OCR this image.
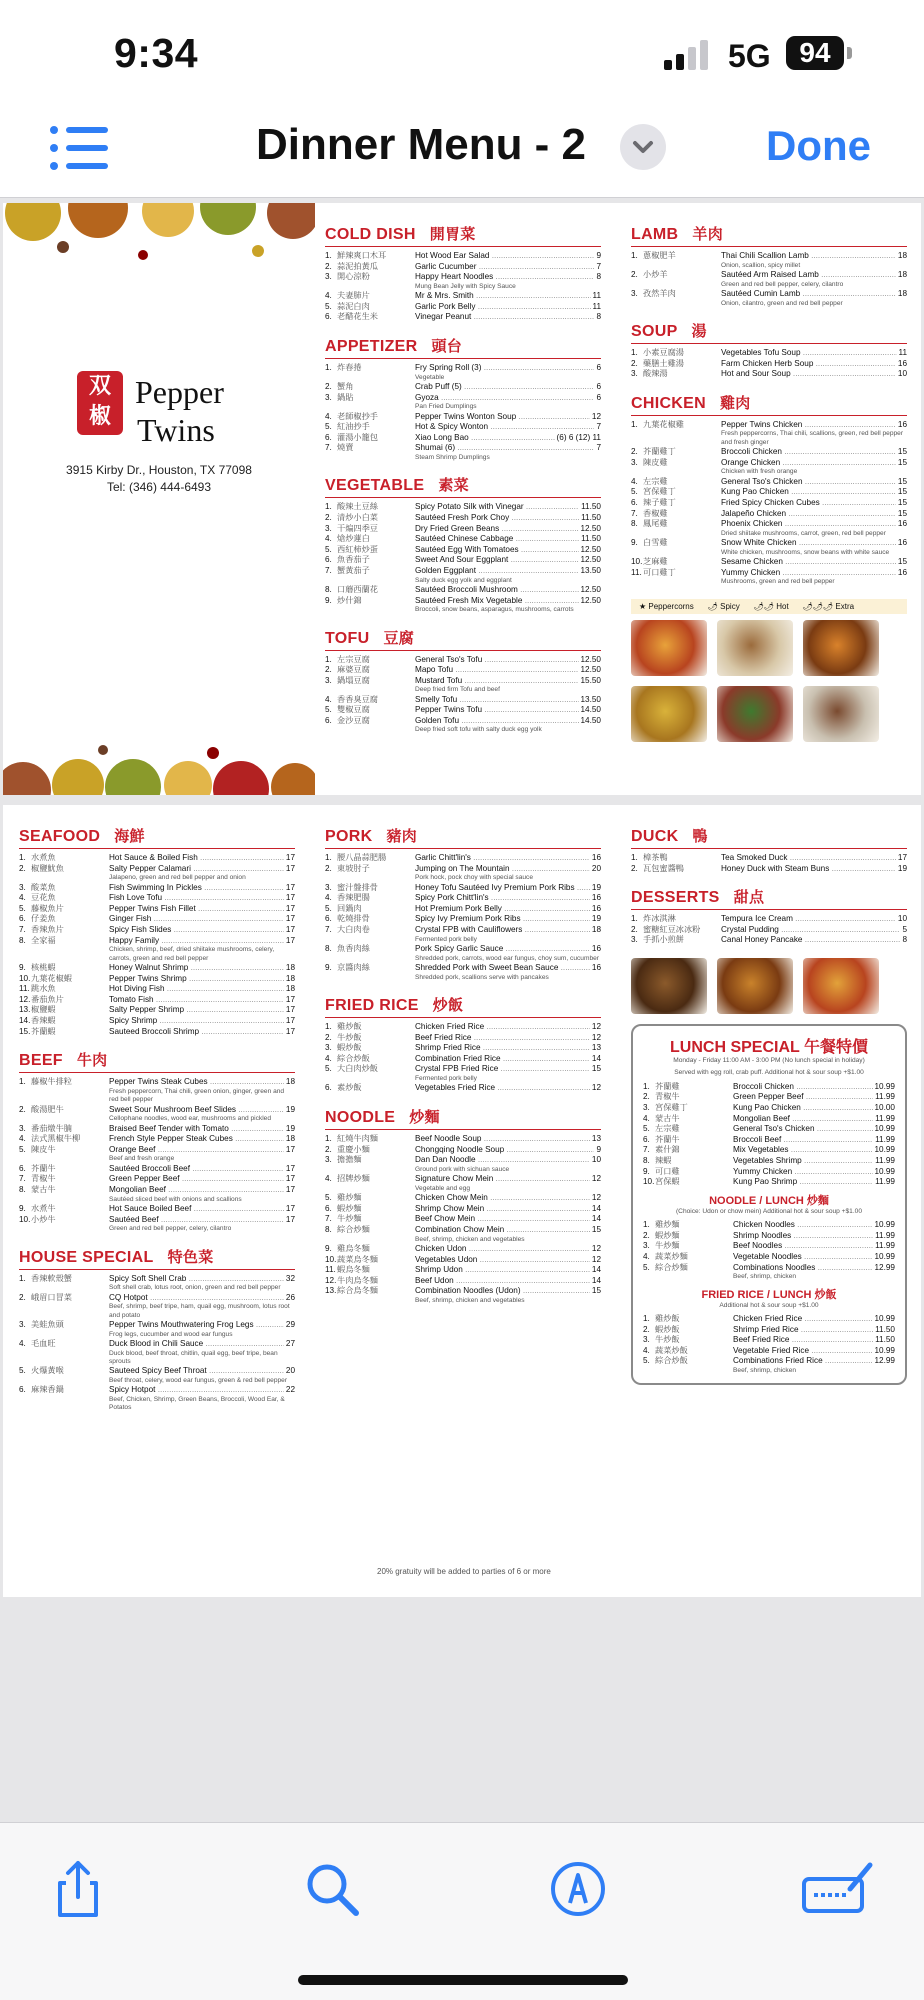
9:34	5G	94
Dinner Menu - 2	Done
双
椒
Pepper
Twins
3915 Kirby Dr., Houston, TX 77098
Tel: (346) 444-6493
COLD DISH 開胃菜
1. 鮮辣爽口木耳	Hot Wood Ear Salad .....	9
2. 蒜泥拍黃瓜	Garlic Cucumber .....	7
3. 開心涼粉	Happy Heart Noodles .....	8
Mung Bean Jelly with Spicy Sauce
4. 夫妻肺片	Mr & Mrs. Smith .....	11
5. 蒜泥白肉	Garlic Pork Belly .....	11
6. 老醋花生米	Vinegar Peanut .....	8
APPETIZER 頭台
1. 炸春捲	Fry Spring Roll (3) .....	6
Vegetable
2. 蟹角	Crab Puff (5) .....	6
3. 鍋貼	Gyoza .....	6
Pan Fried Dumplings
4. 老師椒抄手	Pepper Twins Wonton Soup .....	12
5. 紅油抄手	Hot & Spicy Wonton .....	7
6. 灌湯小籠包	Xiao Long Bao .....	(6) 6 (12) 11
7. 燒賣	Shumai (6) .....	7
Steam Shrimp Dumplings
VEGETABLE 素菜
1. 酸辣土豆絲	Spicy Potato Silk with Vinegar .....	11.50
2. 清炒小白菜	Sautéed Fresh Pork Choy .....	11.50
3. 干煸四季豆	Dry Fried Green Beans .....	12.50
4. 熗炒蓮白	Sautéed Chinese Cabbage .....	11.50
5. 西紅柿炒蛋	Sautéed Egg With Tomatoes .....	12.50
6. 魚香茄子	Sweet And Sour Eggplant .....	12.50
7. 蟹黃茄子	Golden Eggplant .....	13.50
Salty duck egg yolk and eggplant
8. 口蘑西蘭花	Sautéed Broccoli Mushroom .....	12.50
9. 炒什錦	Sautéed Fresh Mix Vegetable .....	12.50
Broccoli, snow beans, asparagus, mushrooms, carrots
TOFU 豆腐
1. 左宗豆腐	General Tso's Tofu .....	12.50
2. 麻婆豆腐	Mapo Tofu .....	12.50
3. 鍋塌豆腐	Mustard Tofu .....	15.50
Deep fried firm Tofu and beef
4. 香香臭豆腐	Smelly Tofu .....	13.50
5. 雙椒豆腐	Pepper Twins Tofu .....	14.50
6. 金沙豆腐	Golden Tofu .....	14.50
Deep fried soft tofu with salty duck egg yolk
LAMB 羊肉
1. 蔥椒肥羊	Thai Chili Scallion Lamb .....	18
Onion, scallion, spicy millet
2. 小炒羊	Sautéed Arm Raised Lamb .....	18
Green and red bell pepper, celery, cilantro
3. 孜然羊肉	Sautéed Cumin Lamb .....	18
Onion, cilantro, green and red bell pepper
SOUP 湯
1. 小素豆腐湯	Vegetables Tofu Soup .....	11
2. 藥膳土雞湯	Farm Chicken Herb Soup .....	16
3. 酸辣湯	Hot and Sour Soup .....	10
CHICKEN 雞肉
1. 九葉花椒雞	Pepper Twins Chicken .....	16
Fresh peppercorns, Thai chili, scallions, green, red bell pepper and fresh ginger
2. 芥蘭雞丁	Broccoli Chicken .....	15
3. 陳皮雞	Orange Chicken .....	15
Chicken with fresh orange
4. 左宗雞	General Tso's Chicken .....	15
5. 宮保雞丁	Kung Pao Chicken .....	15
6. 辣子雞丁	Fried Spicy Chicken Cubes .....	15
7. 香椒雞	Jalapeño Chicken .....	15
8. 鳳尾雞	Phoenix Chicken .....	16
Dried shiitake mushrooms, carrot, green, red bell pepper
9. 白雪雞	Snow White Chicken .....	16
White chicken, mushrooms, snow beans with white sauce
10. 芝麻雞	Sesame Chicken .....	15
11. 可口雞丁	Yummy Chicken .....	16
Mushrooms, green and red bell pepper
★ Peppercorns 🌶 Spicy 🌶🌶 Hot 🌶🌶🌶 Extra
SEAFOOD 海鮮
1. 水煮魚	Hot Sauce & Boiled Fish .....	17
2. 椒鹽魷魚	Salty Pepper Calamari .....	17
Jalapeno, green and red bell pepper and onion
3. 酸菜魚	Fish Swimming In Pickles .....	17
4. 豆花魚	Fish Love Tofu .....	17
5. 藤椒魚片	Pepper Twins Fish Fillet .....	17
6. 仔姜魚	Ginger Fish .....	17
7. 香辣魚片	Spicy Fish Slides .....	17
8. 全家福	Happy Family .....	17
Chicken, shrimp, beef, dried shiitake mushrooms, celery, carrots, green and red bell pepper
9. 核桃蝦	Honey Walnut Shrimp .....	18
10. 九葉花椒蝦	Pepper Twins Shrimp .....	18
11. 跳水魚	Hot Diving Fish .....	18
12. 番茄魚片	Tomato Fish .....	17
13. 椒鹽蝦	Salty Pepper Shrimp .....	17
14. 香辣蝦	Spicy Shrimp .....	17
15. 芥蘭蝦	Sauteed Broccoli Shrimp .....	17
BEEF 牛肉
1. 藤椒牛排粒	Pepper Twins Steak Cubes .....	18
Fresh peppercorn, Thai chili, green onion, ginger, green and red bell pepper
2. 酸湯肥牛	Sweet Sour Mushroom Beef Slides .....	19
Cellophane noodles, wood ear, mushrooms and pickled
3. 番茄燉牛腩	Braised Beef Tender with Tomato .....	19
4. 法式黑椒牛柳	French Style Pepper Steak Cubes .....	18
5. 陳皮牛	Orange Beef .....	17
Beef and fresh orange
6. 芥蘭牛	Sautéed Broccoli Beef .....	17
7. 青椒牛	Green Pepper Beef .....	17
8. 蒙古牛	Mongolian Beef .....	17
Sautéed sliced beef with onions and scallions
9. 水煮牛	Hot Sauce Boiled Beef .....	17
10. 小炒牛	Sautéed Beef .....	17
Green and red bell pepper, celery, cilantro
HOUSE SPECIAL 特色菜
1. 香辣軟殼蟹	Spicy Soft Shell Crab .....	32
Soft shell crab, lotus root, onion, green and red bell pepper
2. 峨眉口冒菜	CQ Hotpot .....	26
Beef, shrimp, beef tripe, ham, quail egg, mushroom, lotus root and potato
3. 美蛙魚頭	Pepper Twins Mouthwatering Frog Legs .....	29
Frog legs, cucumber and wood ear fungus
4. 毛血旺	Duck Blood in Chili Sauce .....	27
Duck blood, beef throat, chitlin, quail egg, beef tripe, bean sprouts
5. 火爆黃喉	Sauteed Spicy Beef Throat .....	20
Beef throat, celery, wood ear fungus, green & red bell pepper
6. 麻辣香鍋	Spicy Hotpot .....	22
Beef, Chicken, Shrimp, Green Beans, Broccoli, Wood Ear, & Potatos
PORK 豬肉
1. 腰八晶蒜肥腸	Garlic Chitt'lin's .....	16
2. 東坡肘子	Jumping on The Mountain .....	20
Pork hock, pock choy with special sauce
3. 蜜汁盤排骨	Honey Tofu Sautéed Ivy Premium Pork Ribs .....	19
4. 香辣肥腸	Spicy Pork Chitt'lin's .....	16
5. 回鍋肉	Hot Premium Pork Belly .....	16
6. 乾燒排骨	Spicy Ivy Premium Pork Ribs .....	19
7. 大白肉卷	Crystal FPB with Cauliflowers .....	18
Fermented pork belly
8. 魚香肉絲	Pork Spicy Garlic Sauce .....	16
Shredded pork, carrots, wood ear fungus, choy sum, cucumber
9. 京醬肉絲	Shredded Pork with Sweet Bean Sauce .....	16
Shredded pork, scallions serve with pancakes
FRIED RICE 炒飯
1. 雞炒飯	Chicken Fried Rice .....	12
2. 牛炒飯	Beef Fried Rice .....	12
3. 蝦炒飯	Shrimp Fried Rice .....	13
4. 綜合炒飯	Combination Fried Rice .....	14
5. 大白肉炒飯	Crystal FPB Fried Rice .....	15
Fermented pork belly
6. 素炒飯	Vegetables Fried Rice .....	12
NOODLE 炒麵
1. 紅燒牛肉麵	Beef Noodle Soup .....	13
2. 重慶小麵	Chongqing Noodle Soup .....	9
3. 擔擔麵	Dan Dan Noodle .....	10
Ground pork with sichuan sauce
4. 招牌炒麵	Signature Chow Mein .....	12
Vegetable and egg
5. 雞炒麵	Chicken Chow Mein .....	12
6. 蝦炒麵	Shrimp Chow Mein .....	14
7. 牛炒麵	Beef Chow Mein .....	14
8. 綜合炒麵	Combination Chow Mein .....	15
Beef, shrimp, chicken and vegetables
9. 雞烏冬麵	Chicken Udon .....	12
10. 蔬菜烏冬麵	Vegetables Udon .....	12
11. 蝦烏冬麵	Shrimp Udon .....	14
12. 牛肉烏冬麵	Beef Udon .....	14
13. 綜合烏冬麵	Combination Noodles (Udon) .....	15
Beef, shrimp, chicken and vegetables
DUCK 鴨
1. 樟茶鴨	Tea Smoked Duck .....	17
2. 瓦包蜜醬鴨	Honey Duck with Steam Buns .....	19
DESSERTS 甜点
1. 炸冰淇淋	Tempura Ice Cream .....	10
2. 蜜糖紅豆冰冰粉	Crystal Pudding .....	5
3. 手抓小煎餅	Canal Honey Pancake .....	8
LUNCH SPECIAL 午餐特價
Monday - Friday 11:00 AM - 3:00 PM (No lunch special in holiday)
Served with egg roll, crab puff. Additional hot & sour soup +$1.00
1. 芥蘭雞	Broccoli Chicken .....	10.99
2. 青椒牛	Green Pepper Beef .....	11.99
3. 宮保雞丁	Kung Pao Chicken .....	10.00
4. 蒙古牛	Mongolian Beef .....	11.99
5. 左宗雞	General Tso's Chicken .....	10.99
6. 芥蘭牛	Broccoli Beef .....	11.99
7. 素什錦	Mix Vegetables .....	10.99
8. 辣蝦	Vegetables Shrimp .....	11.99
9. 可口雞	Yummy Chicken .....	10.99
10. 宮保蝦	Kung Pao Shrimp .....	11.99
NOODLE / LUNCH 炒麵
(Choice: Udon or chow mein) Additional hot & sour soup +$1.00
1. 雞炒麵	Chicken Noodles .....	10.99
2. 蝦炒麵	Shrimp Noodles .....	11.99
3. 牛炒麵	Beef Noodles .....	11.99
4. 蔬菜炒麵	Vegetable Noodles .....	10.99
5. 綜合炒麵	Combinations Noodles .....	12.99
Beef, shrimp, chicken
FRIED RICE / LUNCH 炒飯
Additional hot & sour soup +$1.00
1. 雞炒飯	Chicken Fried Rice .....	10.99
2. 蝦炒飯	Shrimp Fried Rice .....	11.50
3. 牛炒飯	Beef Fried Rice .....	11.50
4. 蔬菜炒飯	Vegetable Fried Rice .....	10.99
5. 綜合炒飯	Combinations Fried Rice .....	12.99
Beef, shrimp, chicken
20% gratuity will be added to parties of 6 or more
